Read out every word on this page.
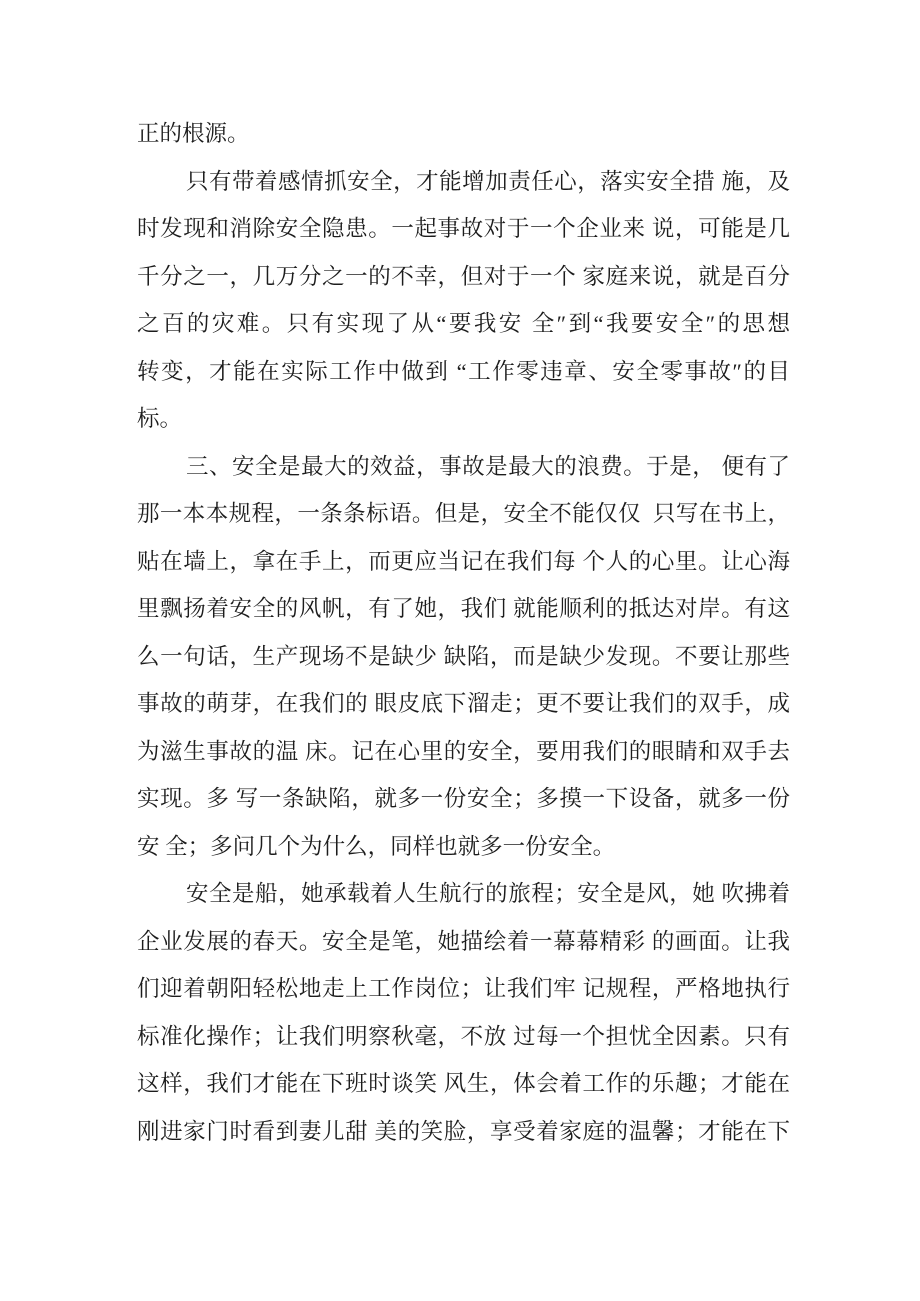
正的根源。
只有带着感情抓安全，才能增加责任心，落实安全措 施，及
时发现和消除安全隐患。一起事故对于一个企业来 说，可能是几
千分之一，几万分之一的不幸，但对于一个 家庭来说，就是百分
之百的灾难。只有实现了从“要我安 全″到“我要安全″的思想
转变，才能在实际工作中做到 “工作零违章、安全零事故″的目
标。
三、安全是最大的效益，事故是最大的浪费。于是， 便有了
那一本本规程，一条条标语。但是，安全不能仅仅  只写在书上，
贴在墙上，拿在手上，而更应当记在我们每 个人的心里。让心海
里飘扬着安全的风帆，有了她，我们 就能顺利的抵达对岸。有这
么一句话，生产现场不是缺少 缺陷，而是缺少发现。不要让那些
事故的萌芽，在我们的 眼皮底下溜走；更不要让我们的双手，成
为滋生事故的温 床。记在心里的安全，要用我们的眼睛和双手去
实现。多 写一条缺陷，就多一份安全；多摸一下设备，就多一份
安 全；多问几个为什么，同样也就多一份安全。
安全是船，她承载着人生航行的旅程；安全是风，她 吹拂着
企业发展的春天。安全是笔，她描绘着一幕幕精彩 的画面。让我
们迎着朝阳轻松地走上工作岗位；让我们牢 记规程，严格地执行
标准化操作；让我们明察秋毫，不放 过每一个担忧全因素。只有
这样，我们才能在下班时谈笑 风生，体会着工作的乐趣；才能在
刚进家门时看到妻儿甜 美的笑脸，享受着家庭的温馨；才能在下
